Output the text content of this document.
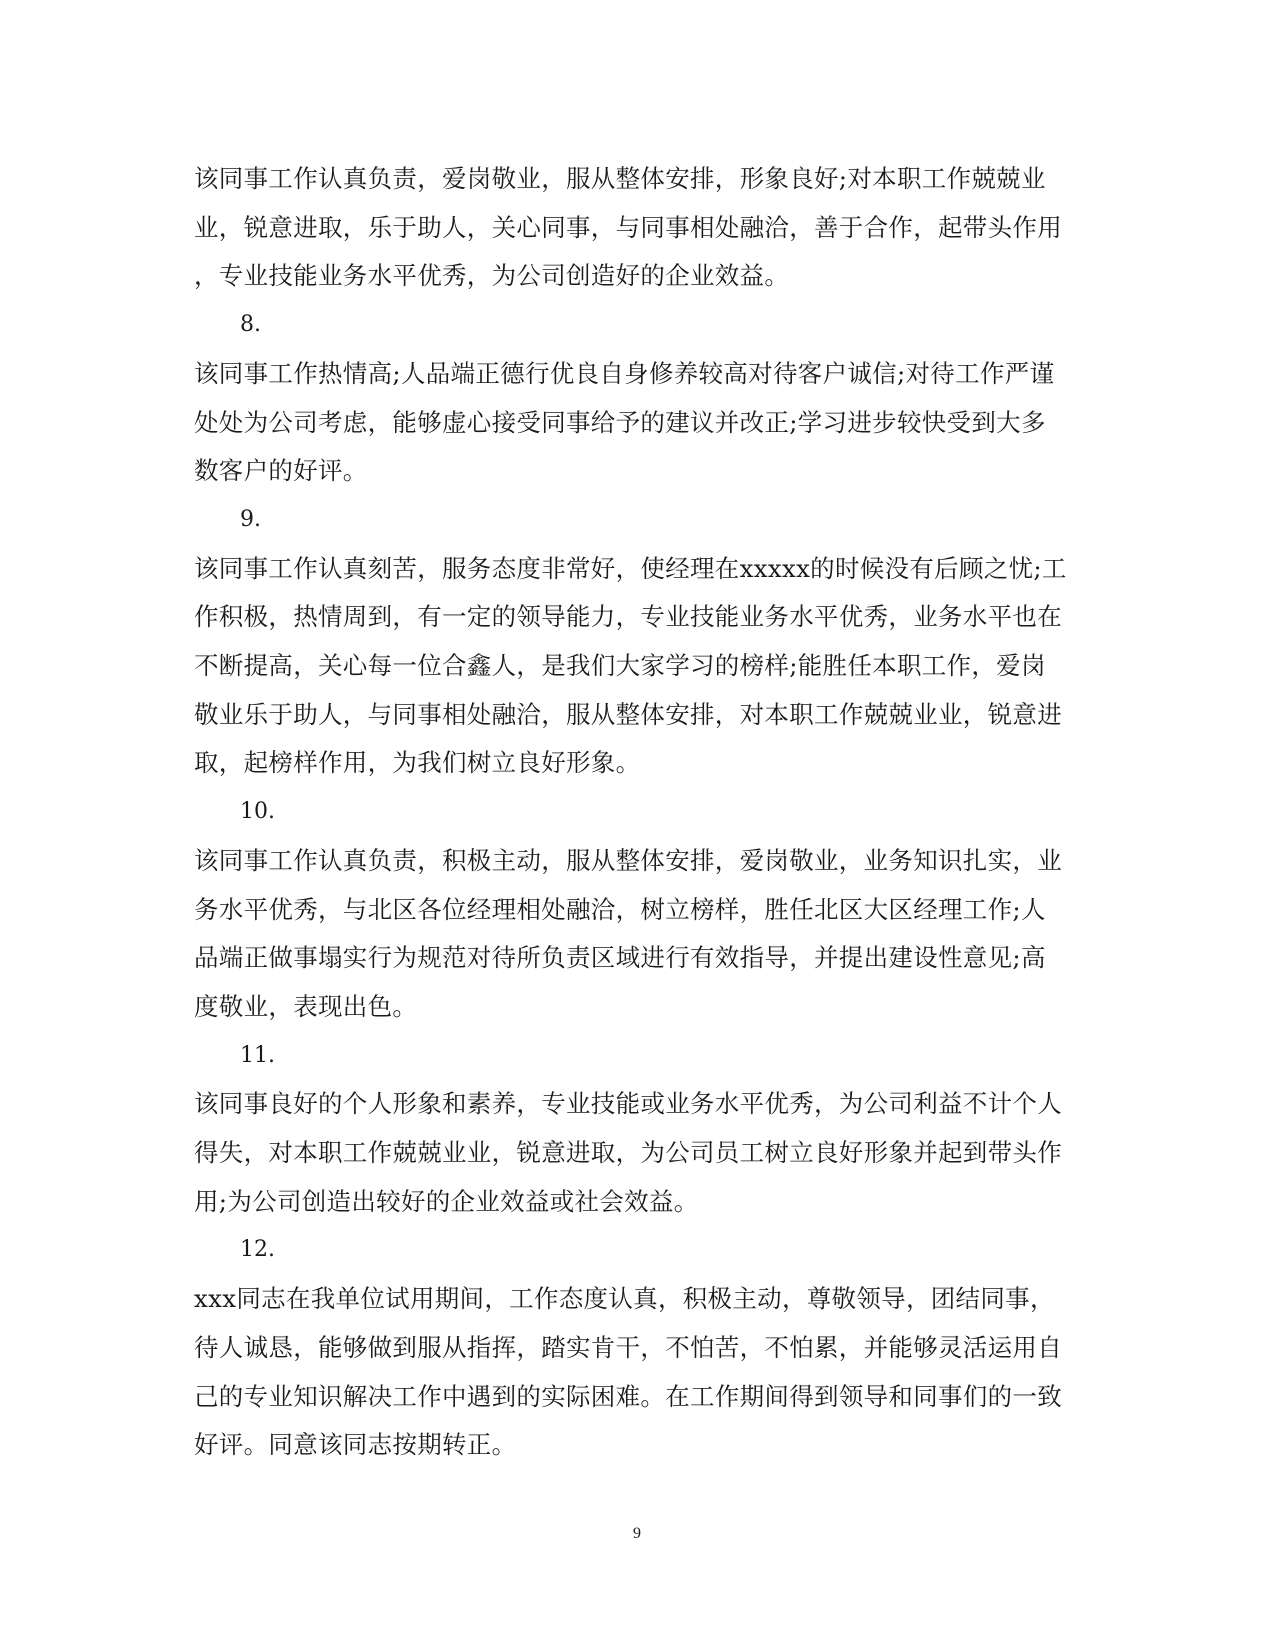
该同事工作认真负责，爱岗敬业，服从整体安排，形象良好;对本职工作兢兢业
业，锐意进取，乐于助人，关心同事，与同事相处融洽，善于合作，起带头作用
，专业技能业务水平优秀，为公司创造好的企业效益。

8.

该同事工作热情高;人品端正德行优良自身修养较高对待客户诚信;对待工作严谨
处处为公司考虑，能够虚心接受同事给予的建议并改正;学习进步较快受到大多
数客户的好评。

9.

该同事工作认真刻苦，服务态度非常好，使经理在xxxxx的时候没有后顾之忧;工
作积极，热情周到，有一定的领导能力，专业技能业务水平优秀，业务水平也在
不断提高，关心每一位合鑫人，是我们大家学习的榜样;能胜任本职工作，爱岗
敬业乐于助人，与同事相处融洽，服从整体安排，对本职工作兢兢业业，锐意进
取，起榜样作用，为我们树立良好形象。

10.

该同事工作认真负责，积极主动，服从整体安排，爱岗敬业，业务知识扎实，业
务水平优秀，与北区各位经理相处融洽，树立榜样，胜任北区大区经理工作;人
品端正做事塌实行为规范对待所负责区域进行有效指导，并提出建设性意见;高
度敬业，表现出色。

11.

该同事良好的个人形象和素养，专业技能或业务水平优秀，为公司利益不计个人
得失，对本职工作兢兢业业，锐意进取，为公司员工树立良好形象并起到带头作
用;为公司创造出较好的企业效益或社会效益。

12.

xxx同志在我单位试用期间，工作态度认真，积极主动，尊敬领导，团结同事，
待人诚恳，能够做到服从指挥，踏实肯干，不怕苦，不怕累，并能够灵活运用自
己的专业知识解决工作中遇到的实际困难。在工作期间得到领导和同事们的一致
好评。同意该同志按期转正。

9
